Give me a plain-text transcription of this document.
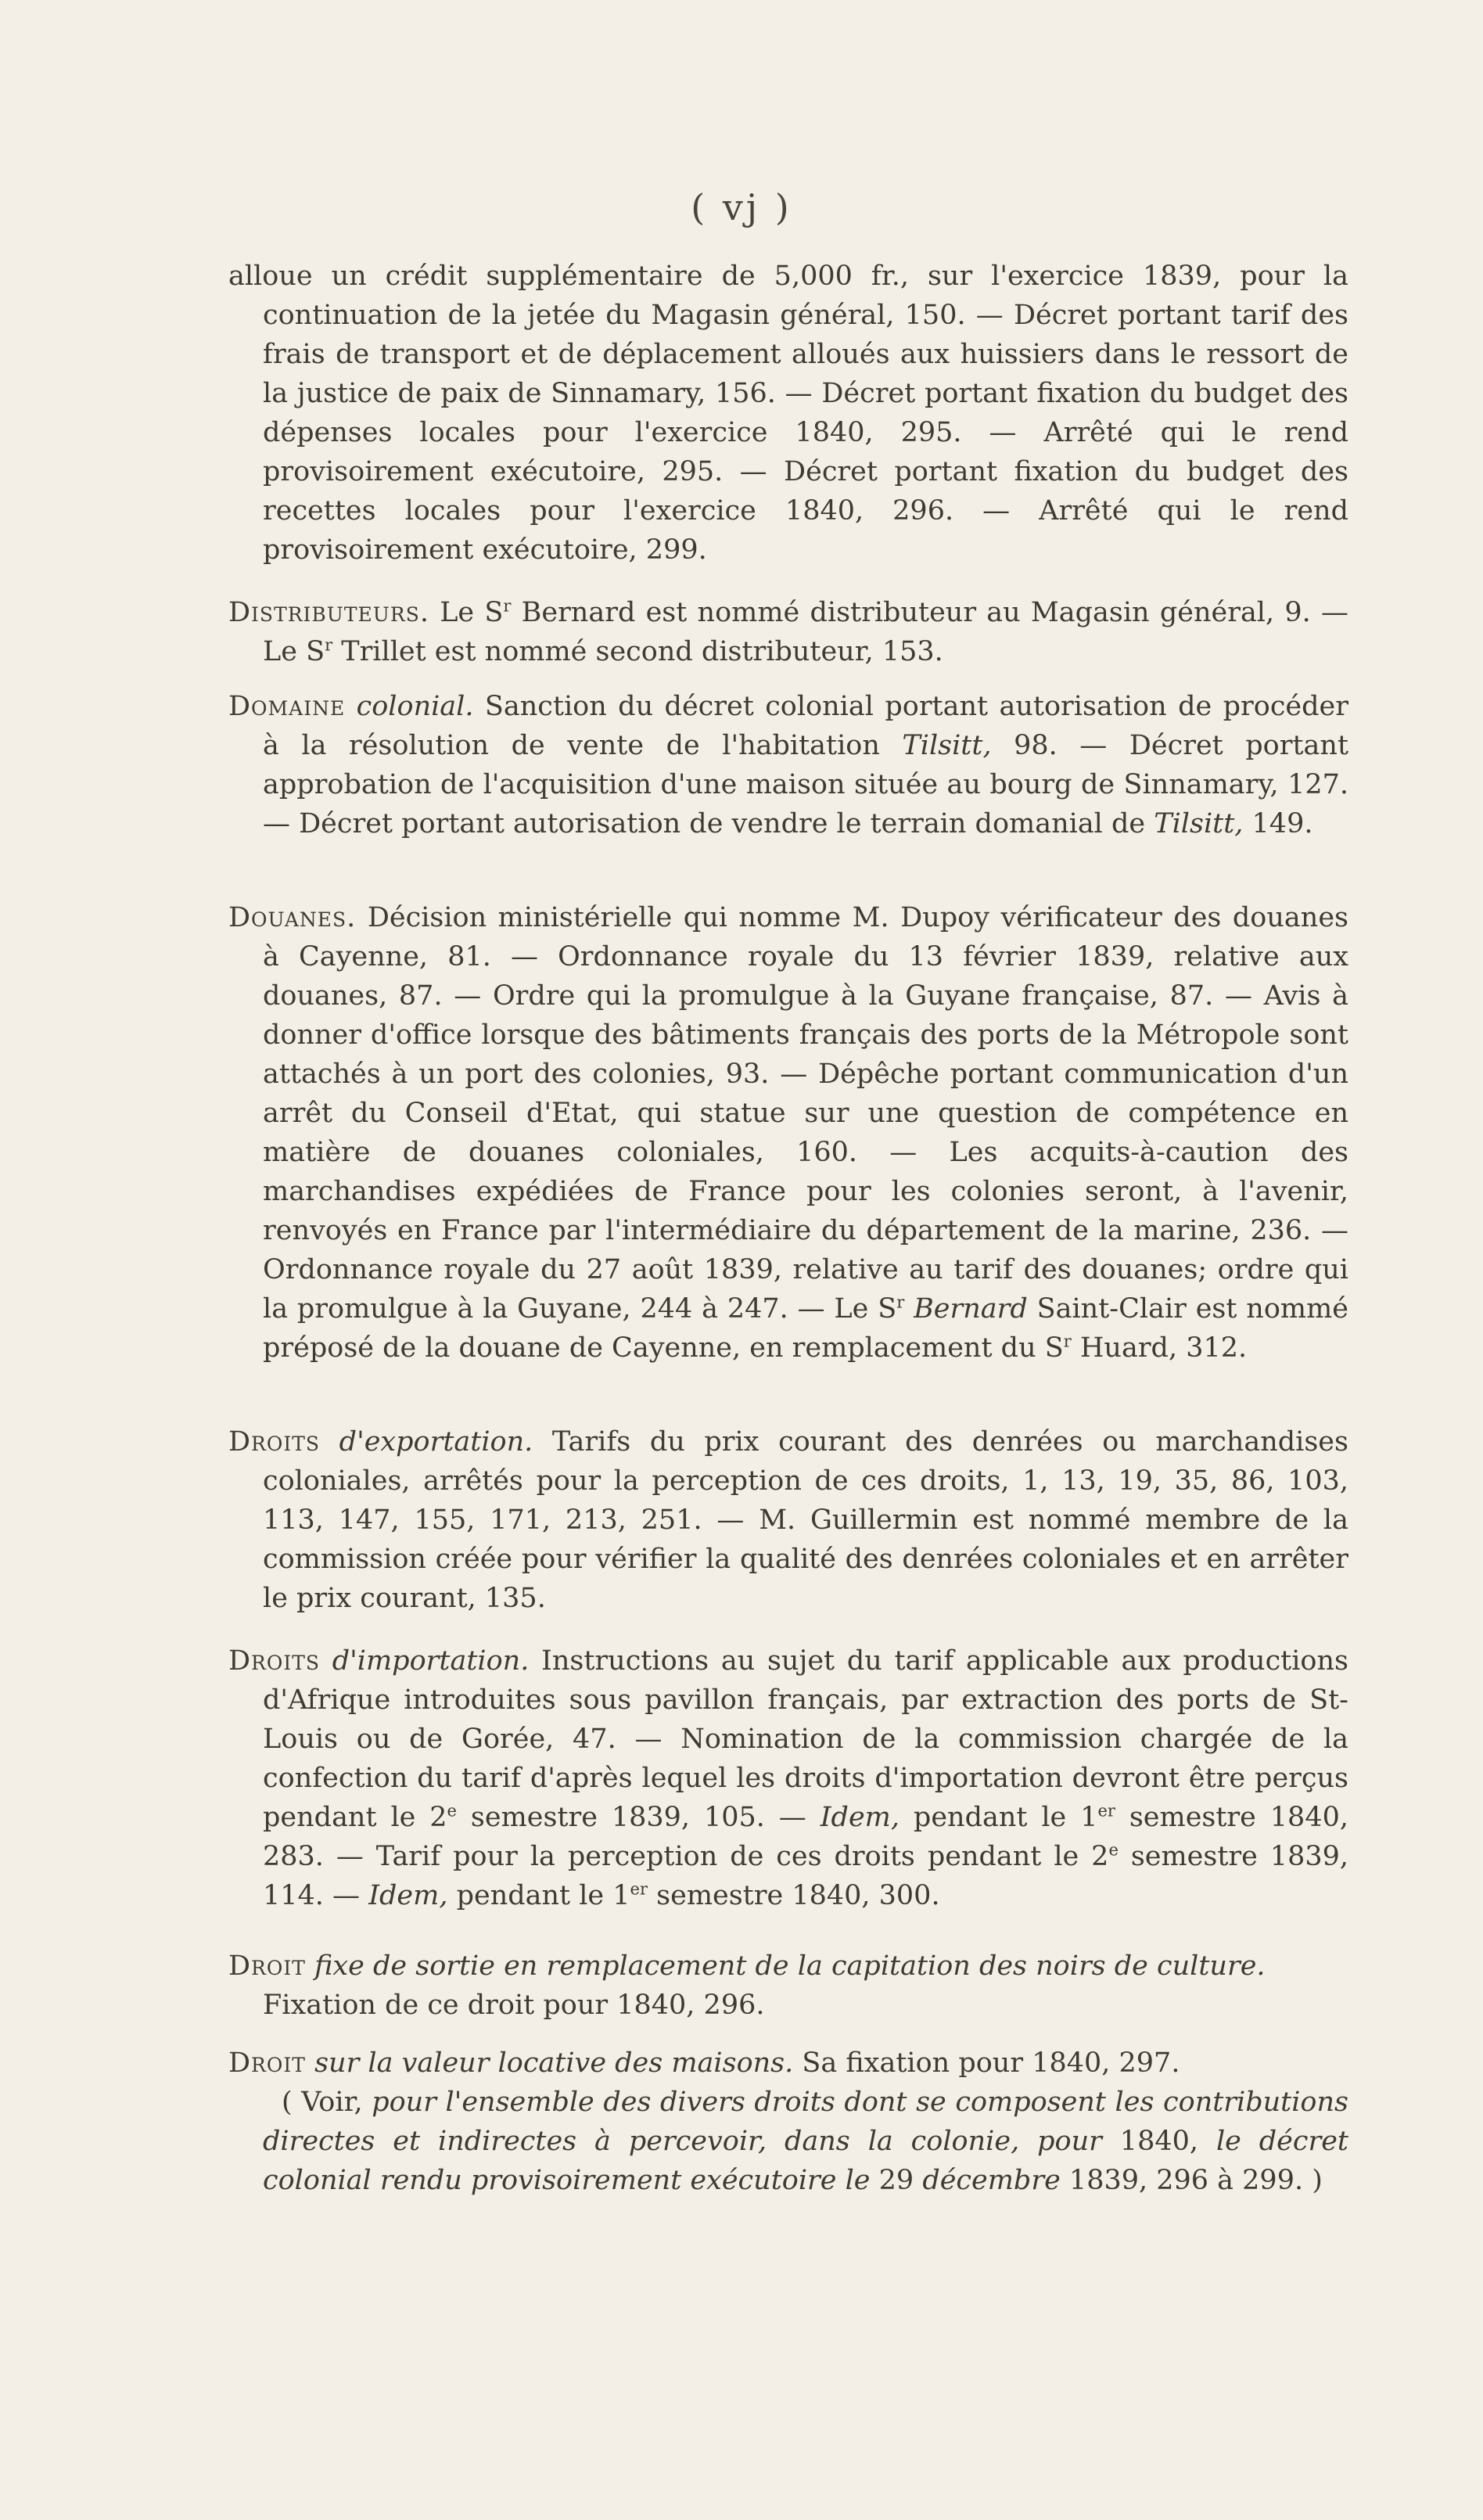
( vj )

alloue un crédit supplémentaire de 5,000 fr., sur l'exercice 1839, pour la continuation de la jetée du Magasin général, 150. — Décret portant tarif des frais de transport et de déplacement alloués aux huissiers dans le ressort de la justice de paix de Sinnamary, 156. — Décret portant fixation du budget des dépenses locales pour l'exercice 1840, 295. — Arrêté qui le rend provisoirement exécutoire, 295. — Décret portant fixation du budget des recettes locales pour l'exercice 1840, 296. — Arrêté qui le rend provisoirement exécutoire, 299.

Distributeurs. Le $S^r$ Bernard est nommé distributeur au Magasin général, 9. — Le $S^r$ Trillet est nommé second distributeur, 153.

Domaine colonial. Sanction du décret colonial portant autorisation de procéder à la résolution de vente de l'habitation Tilsitt, 98. — Décret portant approbation de l'acquisition d'une maison située au bourg de Sinnamary, 127. — Décret portant autorisation de vendre le terrain domanial de Tilsitt, 149.

Douanes. Décision ministérielle qui nomme M. Dupoy vérificateur des douanes à Cayenne, 81. — Ordonnance royale du 13 février 1839, relative aux douanes, 87. — Ordre qui la promulgue à la Guyane française, 87. — Avis à donner d'office lorsque des bâtiments français des ports de la Métropole sont attachés à un port des colonies, 93. — Dépêche portant communication d'un arrêt du Conseil d'Etat, qui statue sur une question de compétence en matière de douanes coloniales, 160. — Les acquits-à-caution des marchandises expédiées de France pour les colonies seront, à l'avenir, renvoyés en France par l'intermédiaire du département de la marine, 236. — Ordonnance royale du 27 août 1839, relative au tarif des douanes; ordre qui la promulgue à la Guyane, 244 à 247. — Le $S^r$ Bernard Saint-Clair est nommé préposé de la douane de Cayenne, en remplacement du $S^r$ Huard, 312.

Droits d'exportation. Tarifs du prix courant des denrées ou marchandises coloniales, arrêtés pour la perception de ces droits, 1, 13, 19, 35, 86, 103, 113, 147, 155, 171, 213, 251. — M. Guillermin est nommé membre de la commission créée pour vérifier la qualité des denrées coloniales et en arrêter le prix courant, 135.

Droits d'importation. Instructions au sujet du tarif applicable aux productions d'Afrique introduites sous pavillon français, par extraction des ports de St-Louis ou de Gorée, 47. — Nomination de la commission chargée de la confection du tarif d'après lequel les droits d'importation devront être perçus pendant le 2e semestre 1839, 105. — Idem, pendant le 1er semestre 1840, 283. — Tarif pour la perception de ces droits pendant le 2e semestre 1839, 114. — Idem, pendant le 1er semestre 1840, 300.

Droit fixe de sortie en remplacement de la capitation des noirs de culture.

Fixation de ce droit pour 1840, 296.

Droit sur la valeur locative des maisons. Sa fixation pour 1840, 297.

( Voir, pour l'ensemble des divers droits dont se composent les contributions directes et indirectes à percevoir, dans la colonie, pour 1840, le décret colonial rendu provisoirement exécutoire le 29 décembre 1839, 296 à 299. )
